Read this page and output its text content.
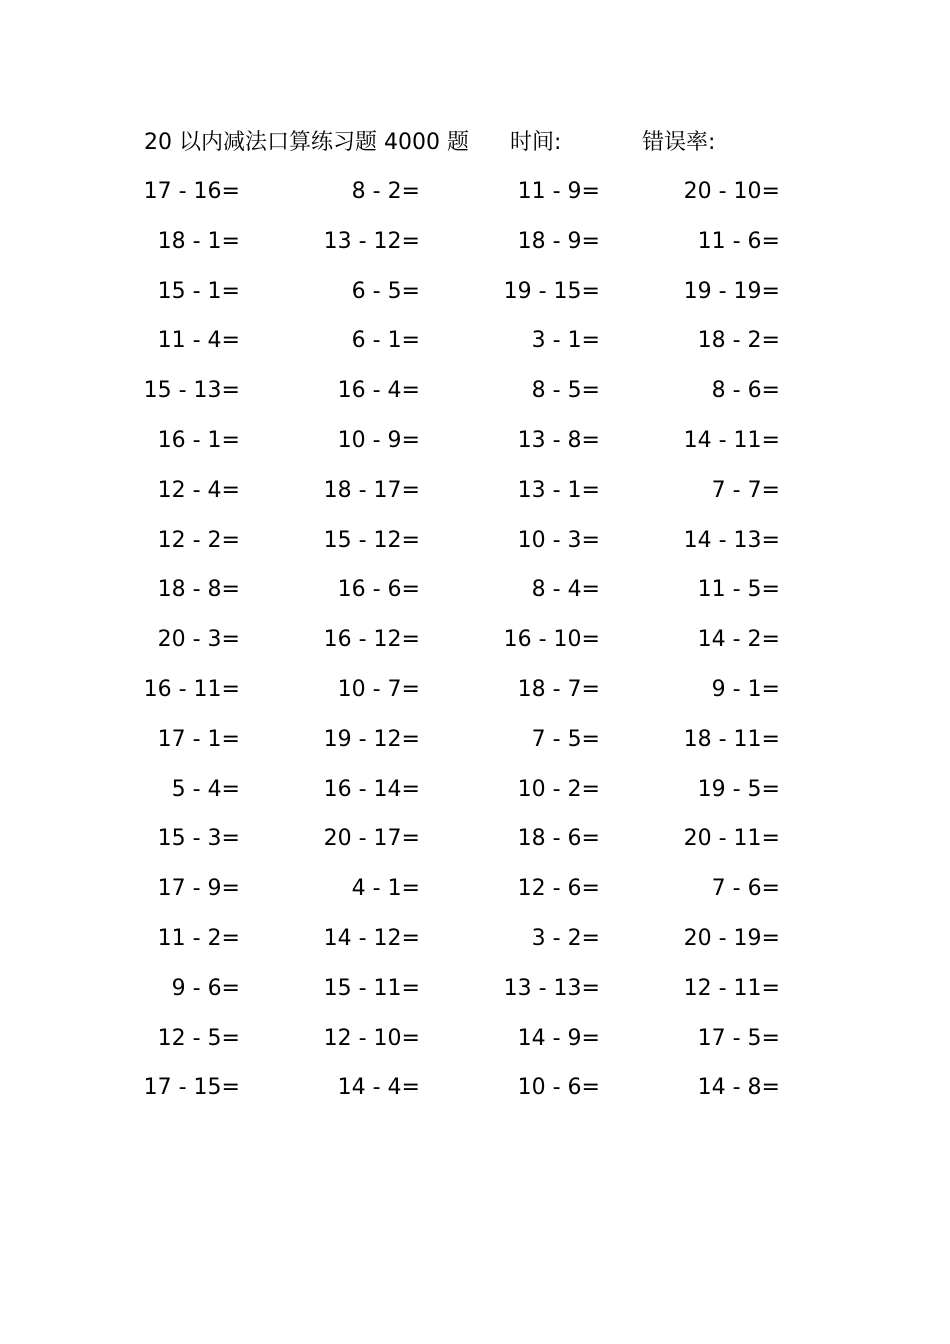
20 以内减法口算练习题 4000 题 时间:	错误率:
17 - 16=	8 - 2=	11 - 9=	20 - 10=
18 - 1=	13 - 12=	18 - 9=	11 - 6=
15 - 1=	6 - 5=	19 - 15=	19 - 19=
11 - 4=	6 - 1=	3 - 1=	18 - 2=
15 - 13=	16 - 4=	8 - 5=	8 - 6=
16 - 1=	10 - 9=	13 - 8=	14 - 11=
12 - 4=	18 - 17=	13 - 1=	7 - 7=
12 - 2=	15 - 12=	10 - 3=	14 - 13=
18 - 8=	16 - 6=	8 - 4=	11 - 5=
20 - 3=	16 - 12=	16 - 10=	14 - 2=
16 - 11=	10 - 7=	18 - 7=	9 - 1=
17 - 1=	19 - 12=	7 - 5=	18 - 11=
5 - 4=	16 - 14=	10 - 2=	19 - 5=
15 - 3=	20 - 17=	18 - 6=	20 - 11=
17 - 9=	4 - 1=	12 - 6=	7 - 6=
11 - 2=	14 - 12=	3 - 2=	20 - 19=
9 - 6=	15 - 11=	13 - 13=	12 - 11=
12 - 5=	12 - 10=	14 - 9=	17 - 5=
17 - 15=	14 - 4=	10 - 6=	14 - 8=
